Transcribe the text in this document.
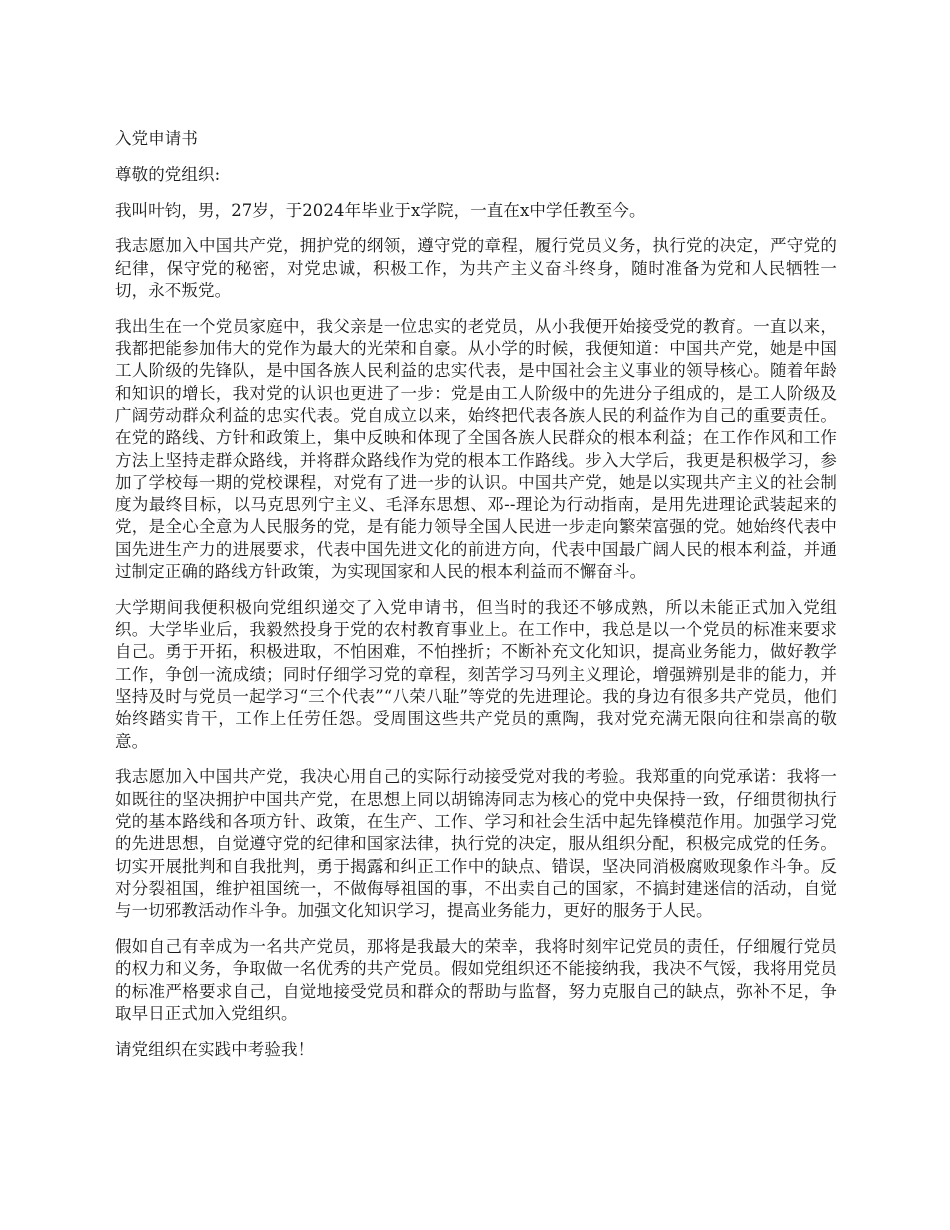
入党申请书

尊敬的党组织:

我叫叶钧，男，27岁，于2024年毕业于x学院，一直在x中学任教至今。

我志愿加入中国共产党，拥护党的纲领，遵守党的章程，履行党员义务，执行党的决定，严守党的纪律，保守党的秘密，对党忠诚，积极工作，为共产主义奋斗终身，随时准备为党和人民牺牲一切，永不叛党。

我出生在一个党员家庭中，我父亲是一位忠实的老党员，从小我便开始接受党的教育。一直以来，我都把能参加伟大的党作为最大的光荣和自豪。从小学的时候，我便知道：中国共产党，她是中国工人阶级的先锋队，是中国各族人民利益的忠实代表，是中国社会主义事业的领导核心。随着年龄和知识的增长，我对党的认识也更进了一步：党是由工人阶级中的先进分子组成的，是工人阶级及广阔劳动群众利益的忠实代表。党自成立以来，始终把代表各族人民的利益作为自己的重要责任。在党的路线、方针和政策上，集中反映和体现了全国各族人民群众的根本利益；在工作作风和工作方法上坚持走群众路线，并将群众路线作为党的根本工作路线。步入大学后，我更是积极学习，参加了学校每一期的党校课程，对党有了进一步的认识。中国共产党，她是以实现共产主义的社会制度为最终目标，以马克思列宁主义、毛泽东思想、邓--理论为行动指南，是用先进理论武装起来的党，是全心全意为人民服务的党，是有能力领导全国人民进一步走向繁荣富强的党。她始终代表中国先进生产力的进展要求，代表中国先进文化的前进方向，代表中国最广阔人民的根本利益，并通过制定正确的路线方针政策，为实现国家和人民的根本利益而不懈奋斗。

大学期间我便积极向党组织递交了入党申请书，但当时的我还不够成熟，所以未能正式加入党组织。大学毕业后，我毅然投身于党的农村教育事业上。在工作中，我总是以一个党员的标准来要求自己。勇于开拓，积极进取，不怕困难，不怕挫折；不断补充文化知识，提高业务能力，做好教学工作，争创一流成绩；同时仔细学习党的章程，刻苦学习马列主义理论，增强辨别是非的能力，并坚持及时与党员一起学习“三个代表”“八荣八耻”等党的先进理论。我的身边有很多共产党员，他们始终踏实肯干，工作上任劳任怨。受周围这些共产党员的熏陶，我对党充满无限向往和崇高的敬意。

我志愿加入中国共产党，我决心用自己的实际行动接受党对我的考验。我郑重的向党承诺：我将一如既往的坚决拥护中国共产党，在思想上同以胡锦涛同志为核心的党中央保持一致，仔细贯彻执行党的基本路线和各项方针、政策，在生产、工作、学习和社会生活中起先锋模范作用。加强学习党的先进思想，自觉遵守党的纪律和国家法律，执行党的决定，服从组织分配，积极完成党的任务。切实开展批判和自我批判，勇于揭露和纠正工作中的缺点、错误，坚决同消极腐败现象作斗争。反对分裂祖国，维护祖国统一，不做侮辱祖国的事，不出卖自己的国家，不搞封建迷信的活动，自觉与一切邪教活动作斗争。加强文化知识学习，提高业务能力，更好的服务于人民。

假如自己有幸成为一名共产党员，那将是我最大的荣幸，我将时刻牢记党员的责任，仔细履行党员的权力和义务，争取做一名优秀的共产党员。假如党组织还不能接纳我，我决不气馁，我将用党员的标准严格要求自己，自觉地接受党员和群众的帮助与监督，努力克服自己的缺点，弥补不足，争取早日正式加入党组织。

请党组织在实践中考验我！
